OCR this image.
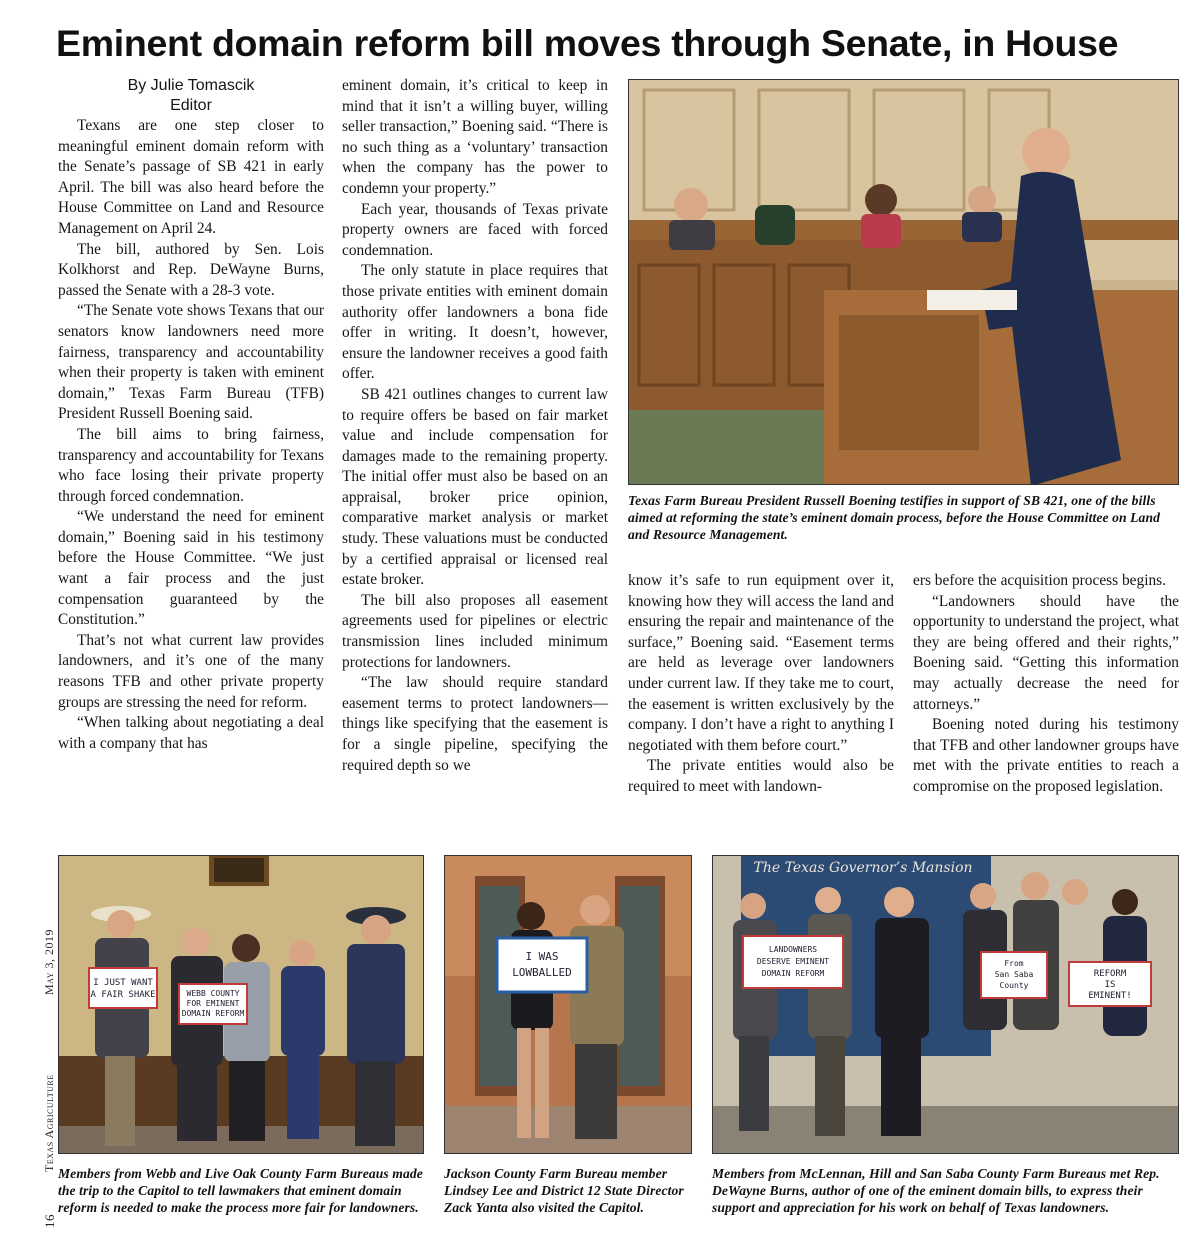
Eminent domain reform bill moves through Senate, in House

By Julie Tomascik

Editor

Texans are one step closer to meaningful eminent domain reform with the Senate’s passage of SB 421 in early April. The bill was also heard before the House Committee on Land and Resource Management on April 24.

The bill, authored by Sen. Lois Kolkhorst and Rep. DeWayne Burns, passed the Senate with a 28-3 vote.

“The Senate vote shows Texans that our senators know landowners need more fairness, transparency and accountability when their property is taken with eminent domain,” Texas Farm Bureau (TFB) President Russell Boening said.

The bill aims to bring fairness, transparency and accountability for Texans who face losing their private property through forced condemnation.

“We understand the need for eminent domain,” Boening said in his testimony before the House Committee. “We just want a fair process and the just compensation guaranteed by the Constitution.”

That’s not what current law provides landowners, and it’s one of the many reasons TFB and other private property groups are stressing the need for reform.

“When talking about negotiating a deal with a company that has

eminent domain, it’s critical to keep in mind that it isn’t a willing buyer, willing seller transaction,” Boening said. “There is no such thing as a ‘voluntary’ transaction when the company has the power to condemn your property.”

Each year, thousands of Texas private property owners are faced with forced condemnation.

The only statute in place requires that those private entities with eminent domain authority offer landowners a bona fide offer in writing. It doesn’t, however, ensure the landowner receives a good faith offer.

SB 421 outlines changes to current law to require offers be based on fair market value and include compensation for damages made to the remaining property. The initial offer must also be based on an appraisal, broker price opinion, comparative market analysis or market study. These valuations must be conducted by a certified appraisal or licensed real estate broker.

The bill also proposes all easement agreements used for pipelines or electric transmission lines included minimum protections for landowners.

“The law should require standard easement terms to protect landowners—things like specifying that the easement is for a single pipeline, specifying the required depth so we

Texas Farm Bureau President Russell Boening testifies in support of SB 421, one of the bills aimed at reforming the state’s eminent domain process, before the House Committee on Land and Resource Management.

know it’s safe to run equipment over it, knowing how they will access the land and ensuring the repair and maintenance of the surface,” Boening said. “Easement terms are held as leverage over landowners under current law. If they take me to court, the easement is written exclusively by the company. I don’t have a right to anything I negotiated with them before court.”

The private entities would also be required to meet with landown-

ers before the acquisition process begins.

“Landowners should have the opportunity to understand the project, what they are being offered and their rights,” Boening said. “Getting this information may actually decrease the need for attorneys.”

Boening noted during his testimony that TFB and other landowner groups have met with the private entities to reach a compromise on the proposed legislation.

I JUST WANT
A FAIR SHAKE	WEBB COUNTY
FOR EMINENT
DOMAIN REFORM
Members from Webb and Live Oak County Farm Bureaus made the trip to the Capitol to tell lawmakers that eminent domain reform is needed to make the process more fair for landowners.
I WAS
LOWBALLED
Jackson County Farm Bureau member Lindsey Lee and District 12 State Director Zack Yanta also visited the Capitol.
The Texas Governor’s Mansion
LANDOWNERS
DESERVE EMINENT
DOMAIN REFORM
From
San Saba
County
REFORM
IS
EMINENT!
Members from McLennan, Hill and San Saba County Farm Bureaus met Rep. DeWayne Burns, author of one of the eminent domain bills, to express their support and appreciation for his work on behalf of Texas landowners.
May 3, 2019
Texas Agriculture
16
